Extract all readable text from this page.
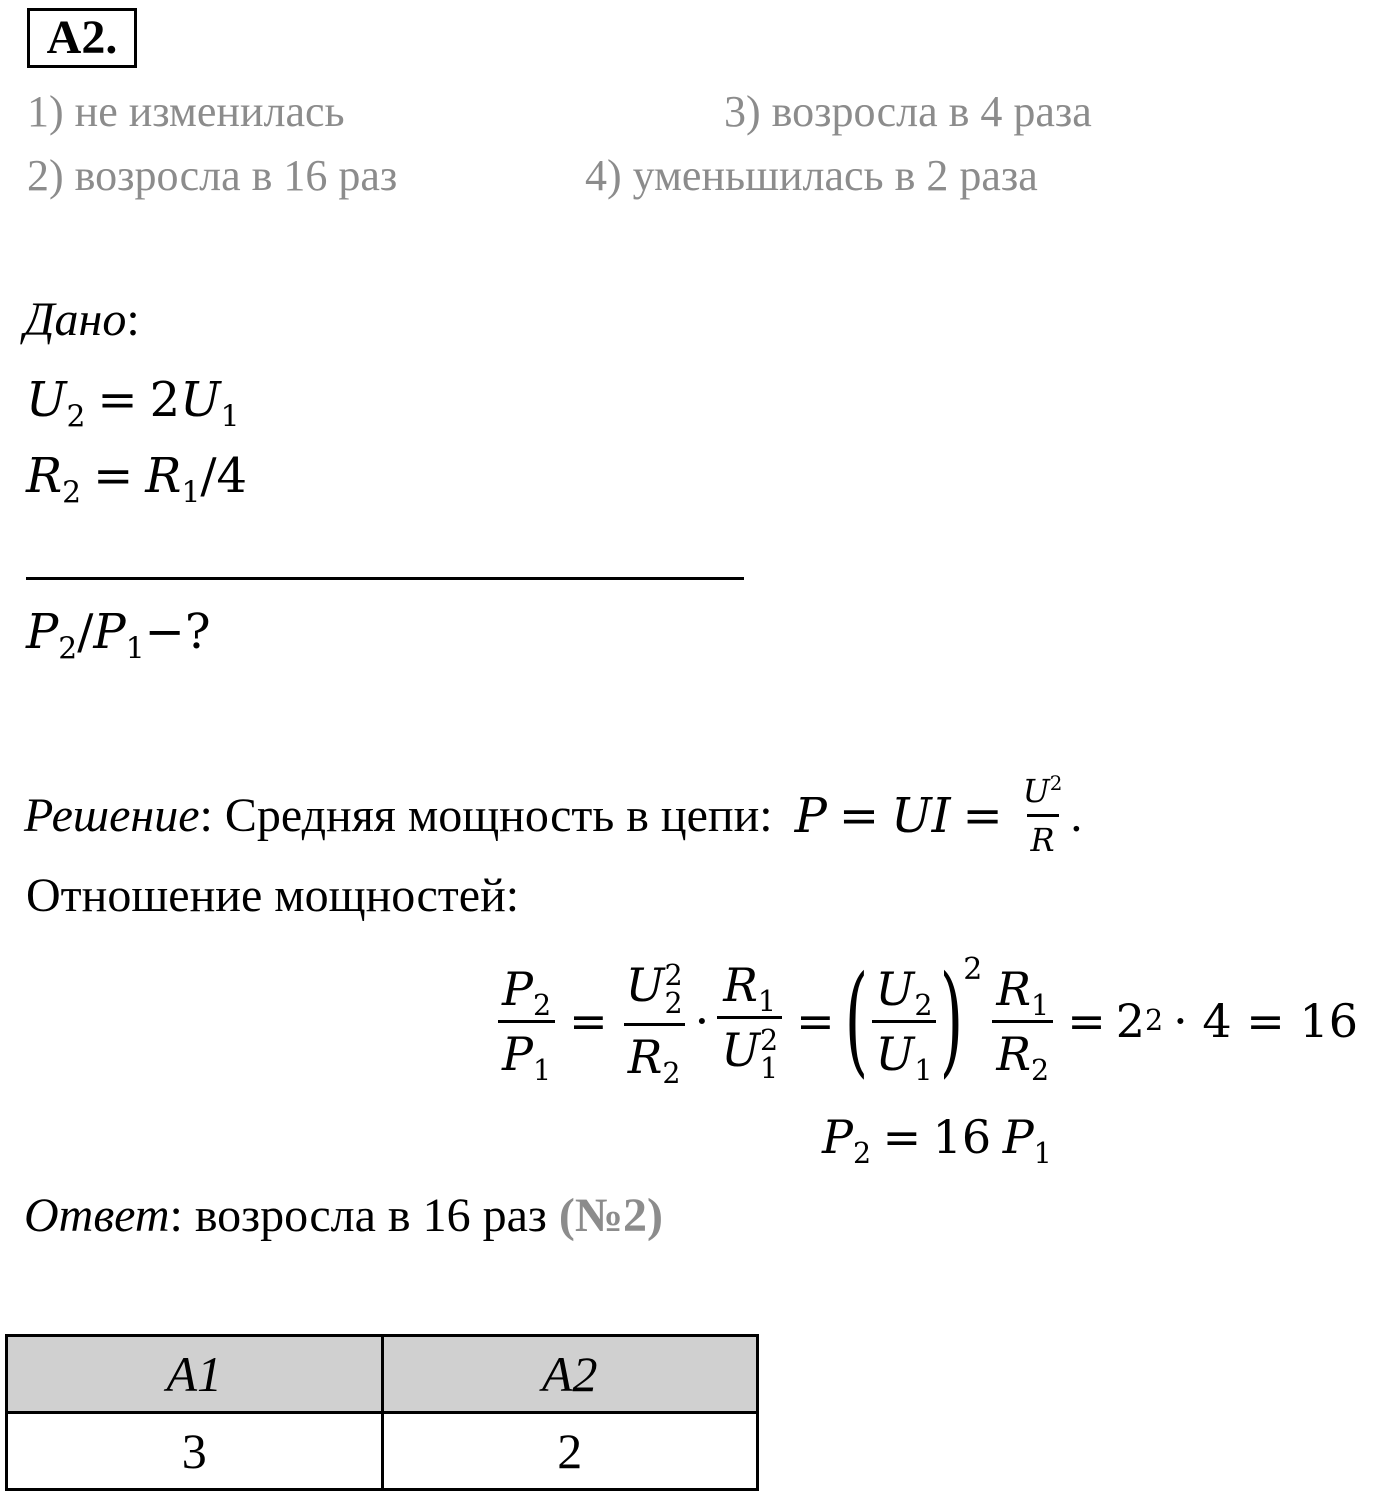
A2.
1) не изменилась	3) возросла в 4 раза
2) возросла в 16 раз	4) уменьшилась в 2 раза
Дано:
$U_2 = 2U_1$
$R_2 = R_1/4$
$P_2/P_1-$?
Решение : Средняя мощность в цепи: P = UI = $\frac{U^2}{R}$ .
Отношение мощностей:
$\frac{P_2}{P_1} = U$ 2
2
$R_2 \cdot R_1$
U 2
1 = ( $\frac{U_2}{U_1}$ ) $2 \frac{R_1}{R_2} = 2$ 2 · 4 = 16
$P_2 = 16$ $P_1$
Ответ: возросла в 16 раз (№2)
A1	A2
3	2
